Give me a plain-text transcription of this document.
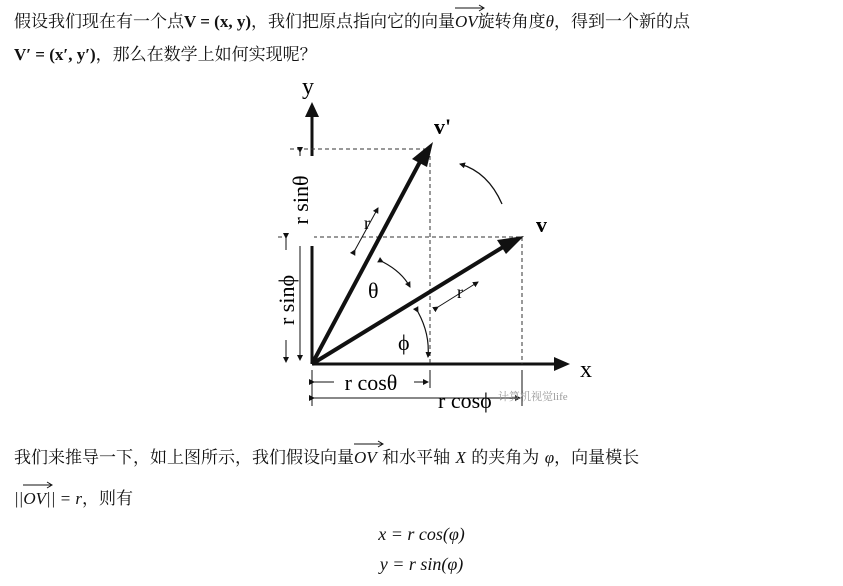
假设我们现在有一个点V = (x, y)，我们把原点指向它的向量
OV旋转角度θ，得到一个新的点
V′ = (x′, y′)，那么在数学上如何实现呢？
y
x
v'
v
r
r
θ
ϕ
r sinθ
r sinϕ
r cosθ
r cosϕ 计算机视觉life
我们来推导一下，如上图所示，我们假设向量
OV 和水平轴 X 的夹角为 φ，向量模长
||
OV|| = r，则有
x = r cos(φ)
y = r sin(φ)
